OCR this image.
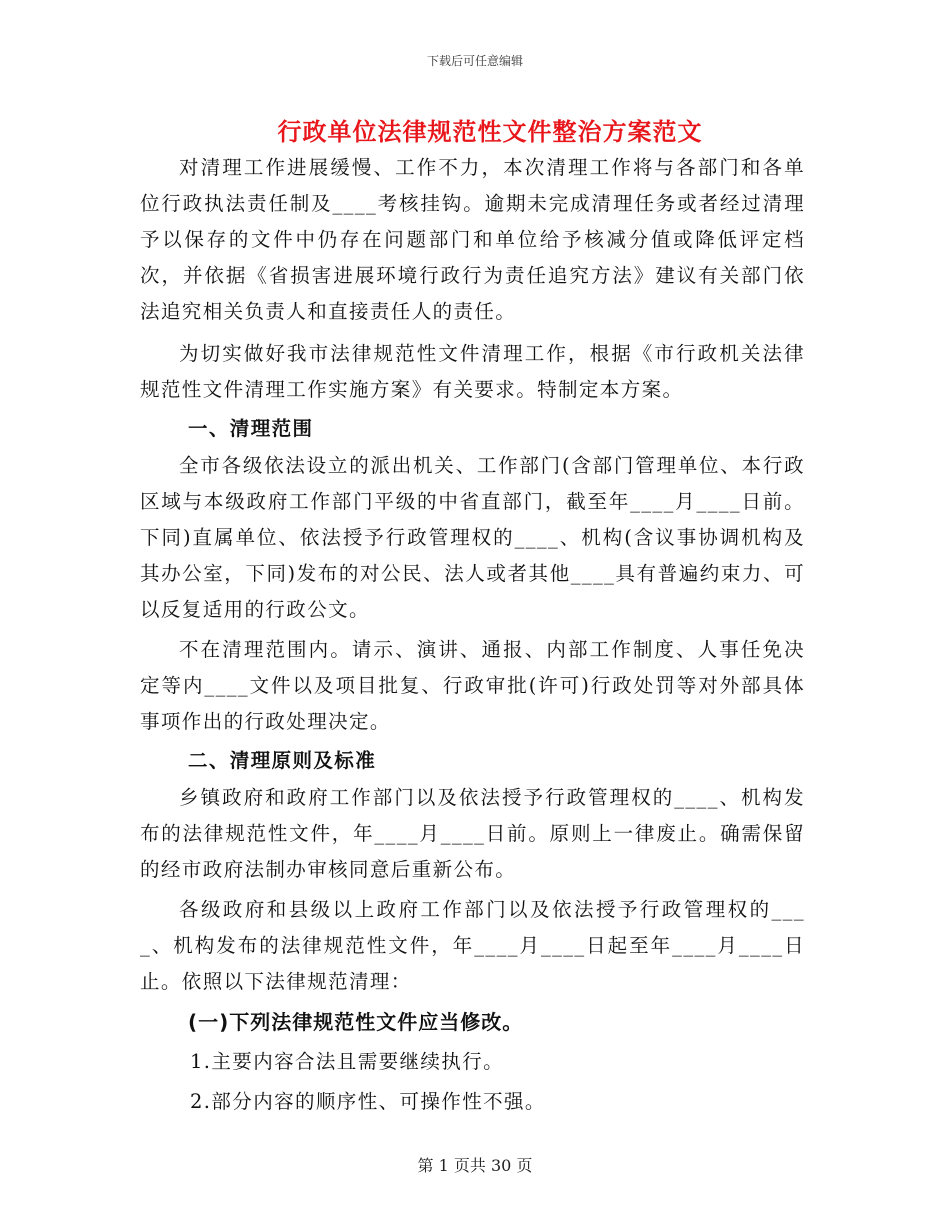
下载后可任意编辑
行政单位法律规范性文件整治方案范文

对清理工作进展缓慢、工作不力，本次清理工作将与各部门和各单位行政执法责任制及____考核挂钩。逾期未完成清理任务或者经过清理予以保存的文件中仍存在问题部门和单位给予核减分值或降低评定档次，并依据《省损害进展环境行政行为责任追究方法》建议有关部门依法追究相关负责人和直接责任人的责任。

为切实做好我市法律规范性文件清理工作，根据《市行政机关法律规范性文件清理工作实施方案》有关要求。特制定本方案。

一、清理范围

全市各级依法设立的派出机关、工作部门(含部门管理单位、本行政区域与本级政府工作部门平级的中省直部门，截至年____月____日前。下同)直属单位、依法授予行政管理权的____、机构(含议事协调机构及其办公室，下同)发布的对公民、法人或者其他____具有普遍约束力、可以反复适用的行政公文。

不在清理范围内。请示、演讲、通报、内部工作制度、人事任免决定等内____文件以及项目批复、行政审批(许可)行政处罚等对外部具体事项作出的行政处理决定。

二、清理原则及标准

乡镇政府和政府工作部门以及依法授予行政管理权的____、机构发布的法律规范性文件，年____月____日前。原则上一律废止。确需保留的经市政府法制办审核同意后重新公布。

各级政府和县级以上政府工作部门以及依法授予行政管理权的____、机构发布的法律规范性文件，年____月____日起至年____月____日止。依照以下法律规范清理：

(一)下列法律规范性文件应当修改。

1.主要内容合法且需要继续执行。

2.部分内容的顺序性、可操作性不强。

第 1 页共 30 页
